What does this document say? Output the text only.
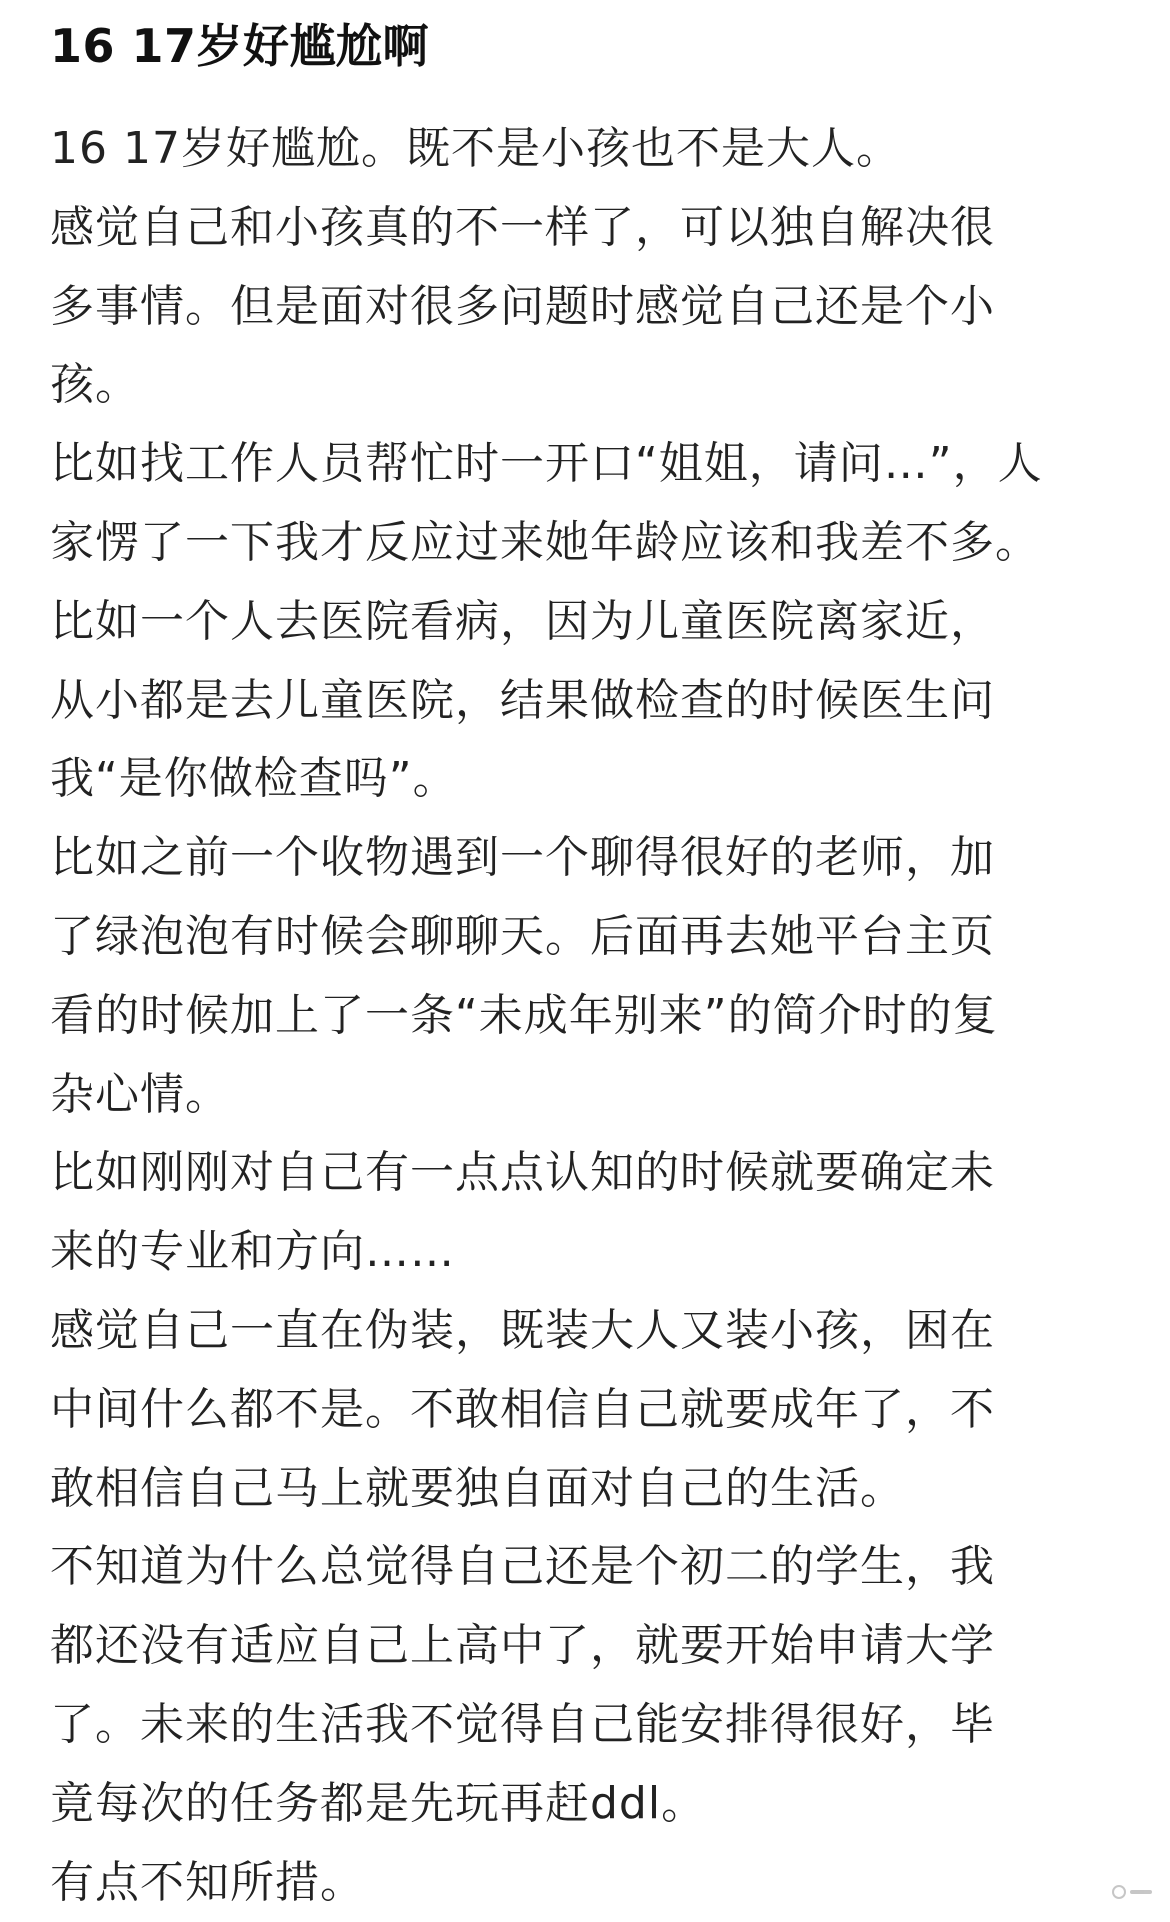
16 17岁好尴尬啊
16 17岁好尴尬。既不是小孩也不是大人。
感觉自己和小孩真的不一样了，可以独自解决很
多事情。但是面对很多问题时感觉自己还是个小
孩。
比如找工作人员帮忙时一开口“姐姐，请问…”，人
家愣了一下我才反应过来她年龄应该和我差不多。
比如一个人去医院看病，因为儿童医院离家近，
从小都是去儿童医院，结果做检查的时候医生问
我“是你做检查吗”。
比如之前一个收物遇到一个聊得很好的老师，加
了绿泡泡有时候会聊聊天。后面再去她平台主页
看的时候加上了一条“未成年别来”的简介时的复
杂心情。
比如刚刚对自己有一点点认知的时候就要确定未
来的专业和方向……
感觉自己一直在伪装，既装大人又装小孩，困在
中间什么都不是。不敢相信自己就要成年了，不
敢相信自己马上就要独自面对自己的生活。
不知道为什么总觉得自己还是个初二的学生，我
都还没有适应自己上高中了，就要开始申请大学
了。未来的生活我不觉得自己能安排得很好，毕
竟每次的任务都是先玩再赶ddl。
有点不知所措。
